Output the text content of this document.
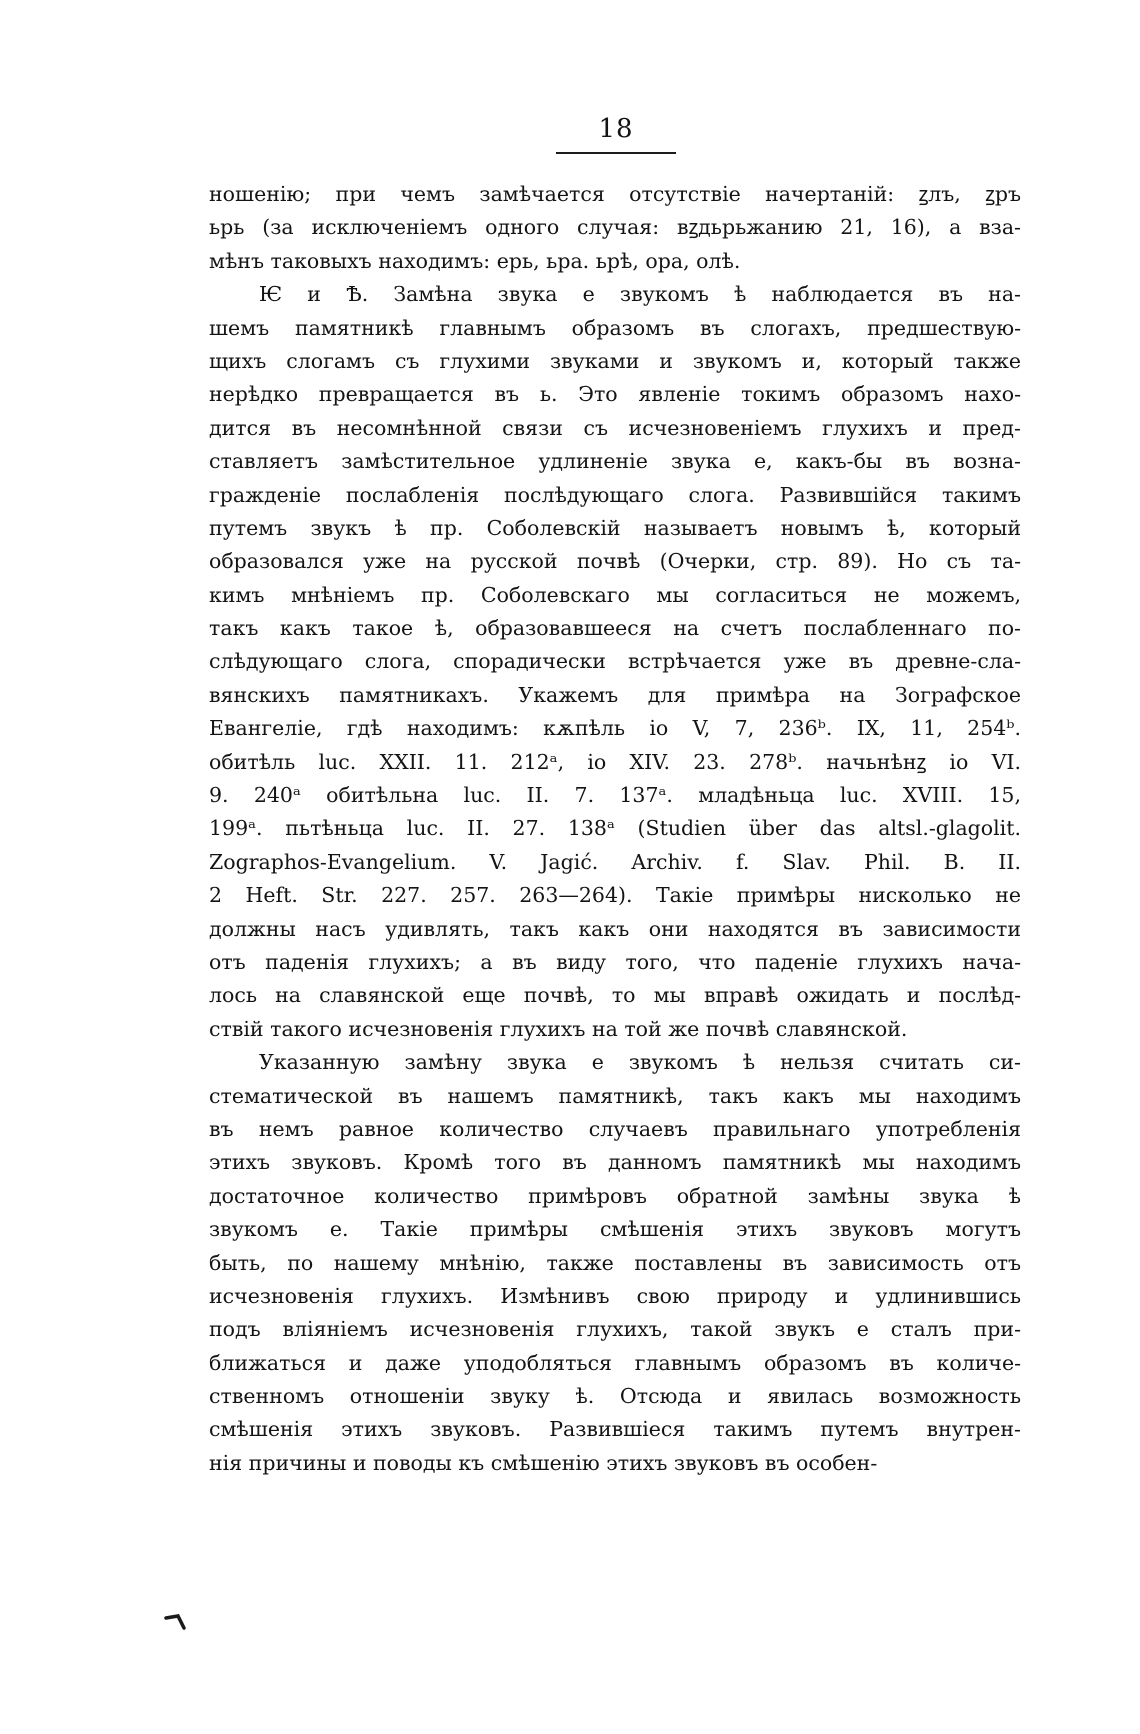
18
ношенію; при чемъ замѣчается отсутствіе начертаній: ꙁлъ, ꙁръ
ьрь (за исключеніемъ одного случая: вꙁдьрьжанию 21, 16), а вза-
мѣнъ таковыхъ находимъ: ерь, ьра. ьрѣ, ора, олѣ.
Ѥ и Ѣ. Замѣна звука е звукомъ ѣ наблюдается въ на-
шемъ памятникѣ главнымъ образомъ въ слогахъ, предшествую-
щихъ слогамъ съ глухими звуками и звукомъ и, который также
нерѣдко превращается въ ь. Это явленіе токимъ образомъ нахо-
дится въ несомнѣнной связи съ исчезновеніемъ глухихъ и пред-
ставляетъ замѣстительное удлиненіе звука е, какъ-бы въ возна-
гражденіе послабленія послѣдующаго слога. Развившійся такимъ
путемъ звукъ ѣ пр. Соболевскій называетъ новымъ ѣ, который
образовался уже на русской почвѣ (Очерки, стр. 89). Но съ та-
кимъ мнѣніемъ пр. Соболевскаго мы согласиться не можемъ,
такъ какъ такое ѣ, образовавшееся на счетъ послабленнаго по-
слѣдующаго слога, спорадически встрѣчается уже въ древне-сла-
вянскихъ памятникахъ. Укажемъ для примѣра на Зографское
Евангеліе, гдѣ находимъ: кѫпѣль іо V, 7, 236ᵇ. IX, 11, 254ᵇ.
обитѣль luc. XXII. 11. 212ᵃ, іо XIV. 23. 278ᵇ. начьнѣнꙁ іо VI.
9. 240ᵃ обитѣльна luc. II. 7. 137ᵃ. младѣньца luc. XVIII. 15,
199ᵃ. пьтѣньца luc. II. 27. 138ᵃ (Studien über das altsl.-glagolit.
Zographos-Evangelium. V. Jagić. Archiv. f. Slav. Phil. B. II.
2 Heft. Str. 227. 257. 263—264). Такіе примѣры нисколько не
должны насъ удивлять, такъ какъ они находятся въ зависимости
отъ паденія глухихъ; а въ виду того, что паденіе глухихъ нача-
лось на славянской еще почвѣ, то мы вправѣ ожидать и послѣд-
ствій такого исчезновенія глухихъ на той же почвѣ славянской.
Указанную замѣну звука е звукомъ ѣ нельзя считать си-
стематической въ нашемъ памятникѣ, такъ какъ мы находимъ
въ немъ равное количество случаевъ правильнаго употребленія
этихъ звуковъ. Кромѣ того въ данномъ памятникѣ мы находимъ
достаточное количество примѣровъ обратной замѣны звука ѣ
звукомъ е. Такіе примѣры смѣшенія этихъ звуковъ могутъ
быть, по нашему мнѣнію, также поставлены въ зависимость отъ
исчезновенія глухихъ. Измѣнивъ свою природу и удлинившись
подъ вліяніемъ исчезновенія глухихъ, такой звукъ е сталъ при-
ближаться и даже уподобляться главнымъ образомъ въ количе-
ственномъ отношеніи звуку ѣ. Отсюда и явилась возможность
смѣшенія этихъ звуковъ. Развившіеся такимъ путемъ внутрен-
нія причины и поводы къ смѣшенію этихъ звуковъ въ особен-
